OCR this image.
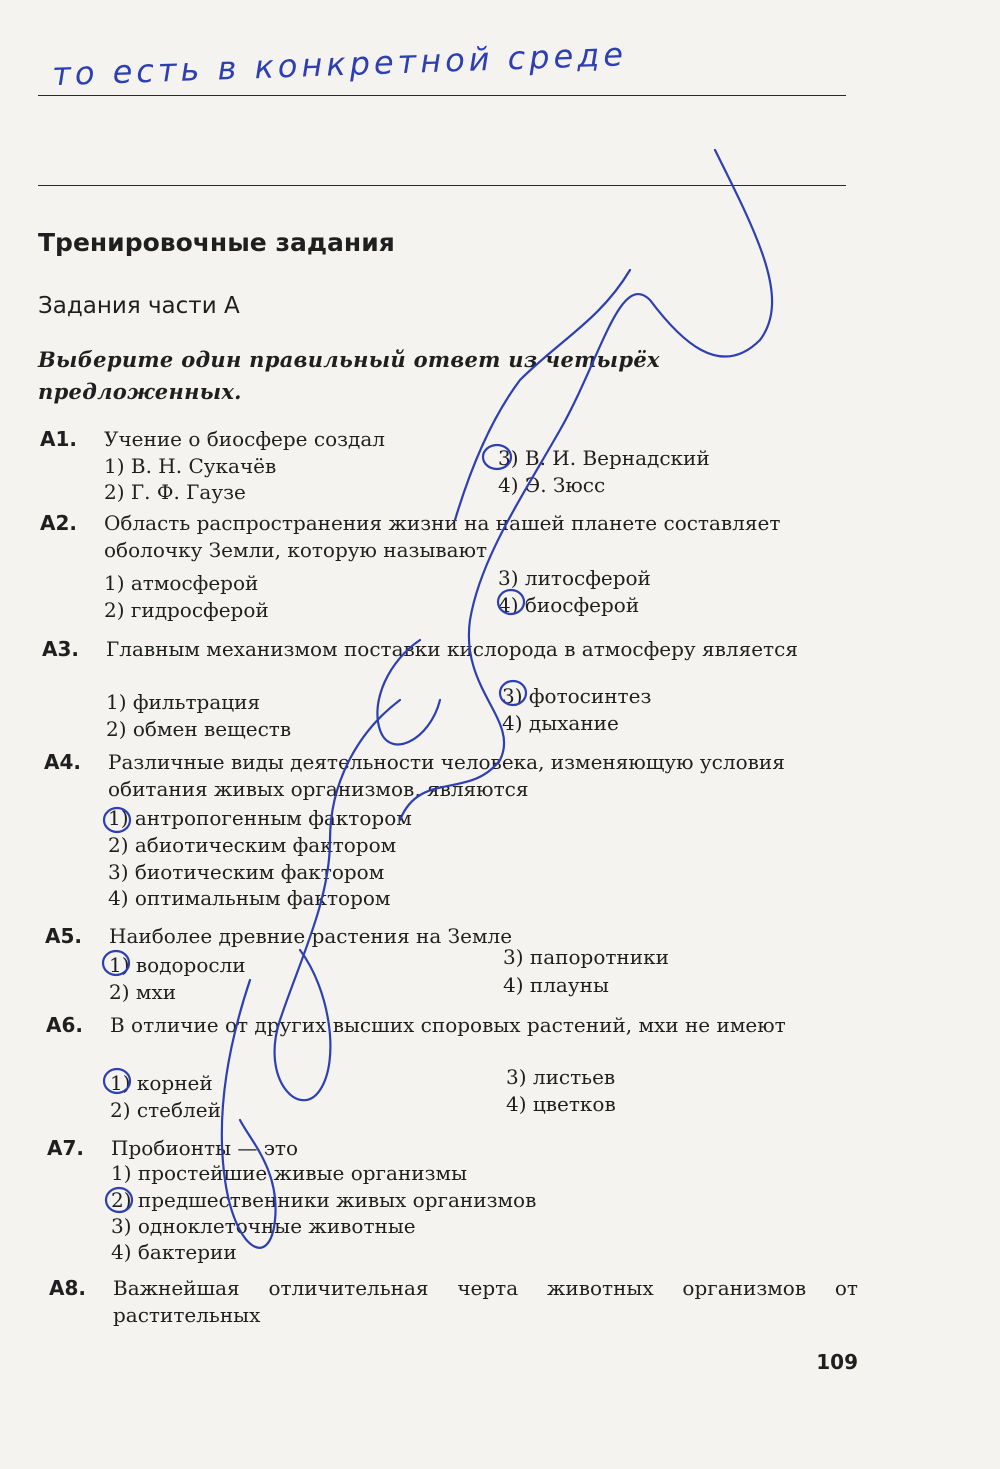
то есть в конкретной среде
Тренировочные задания
Задания части А
Выберите один правильный ответ из четырёх предложенных.
А1. Учение о биосфере создал
1) В. Н. Сукачёв
2) Г. Ф. Гаузе
3) В. И. Вернадский
4) Э. Зюсс
А2. Область распространения жизни на нашей планете составляет оболочку Земли, которую называют
1) атмосферой
2) гидросферой
3) литосферой
4) биосферой
А3. Главным механизмом поставки кислорода в атмосферу является
1) фильтрация
2) обмен веществ
3) фотосинтез
4) дыхание
А4. Различные виды деятельности человека, изменяющую условия обитания живых организмов, являются
1) антропогенным фактором
2) абиотическим фактором
3) биотическим фактором
4) оптимальным фактором
А5. Наиболее древние растения на Земле
1) водоросли
2) мхи
3) папоротники
4) плауны
А6. В отличие от других высших споровых растений, мхи не имеют
1) корней
2) стеблей
3) листьев
4) цветков
А7. Пробионты — это
1) простейшие живые организмы
2) предшественники живых организмов
3) одноклеточные животные
4) бактерии
А8. Важнейшая отличительная черта животных организмов от растительных
109
